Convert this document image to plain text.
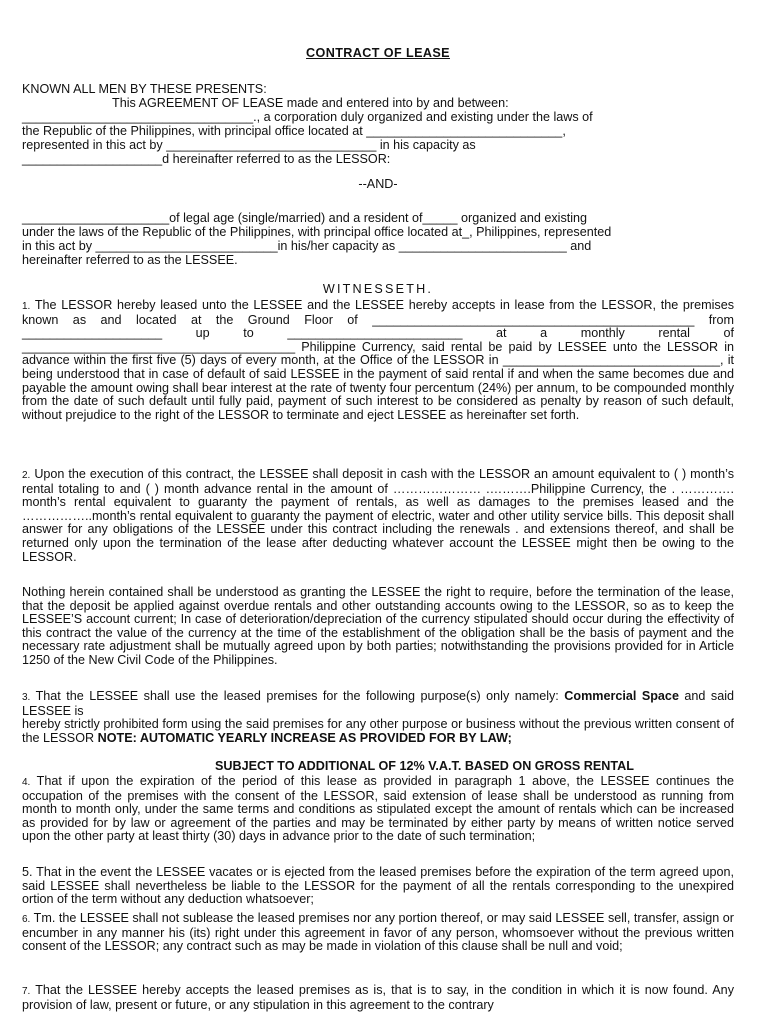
CONTRACT OF LEASE
KNOWN ALL MEN BY THESE PRESENTS:
This AGREEMENT OF LEASE made and entered into by and between:
_________________________________., a corporation duly organized and existing under the laws of
the Republic of the Philippines, with principal office located at ____________________________,
represented in this act by ______________________________ in his capacity as
____________________d hereinafter referred to as the LESSOR:
--AND-
_____________________of legal age (single/married) and a resident of_____ organized and existing
under the laws of the Republic of the Philippines, with principal office located at_, Philippines, represented
in this act by __________________________in his/her capacity as ________________________ and
hereinafter referred to as the LESSEE.
WITNESSETH.
1. The LESSOR hereby leased unto the LESSEE and the LESSEE hereby accepts in lease from the LESSOR, the premises known as and located at the Ground Floor of ______________________________________________ from ____________________ up to _________________________ at a monthly rental of _______________________________________ Philippine Currency, said rental be paid by LESSEE unto the LESSOR in advance within the first five (5) days of every month, at the Office of the LESSOR in _______________________________, it being understood that in case of default of said LESSEE in the payment of said rental if and when the same becomes due and payable the amount owing shall bear interest at the rate of twenty four percentum (24%) per annum, to be compounded monthly from the date of such default until fully paid, payment of such interest to be considered as penalty by reason of such default, without prejudice to the right of the LESSOR to terminate and eject LESSEE as hereinafter set forth.
2. Upon the execution of this contract, the LESSEE shall deposit in cash with the LESSOR an amount equivalent to ( ) month’s rental totaling to and ( ) month advance rental in the amount of ………………… .……….Philippine Currency, the . …………. month’s rental equivalent to guaranty the payment of rentals, as well as damages to the premises leased and the ……………..month’s rental equivalent to guaranty the payment of electric, water and other utility service bills. This deposit shall answer for any obligations of the LESSEE under this contract including the renewals . and extensions thereof, and shall be returned only upon the termination of the lease after deducting whatever account the LESSEE might then be owing to the LESSOR.
Nothing herein contained shall be understood as granting the LESSEE the right to require, before the termination of the lease, that the deposit be applied against overdue rentals and other outstanding accounts owing to the LESSOR, so as to keep the LESSEE’S account current; In case of deterioration/depreciation of the currency stipulated should occur during the effectivity of this contract the value of the currency at the time of the establishment of the obligation shall be the basis of payment and the necessary rate adjustment shall be mutually agreed upon by both parties; notwithstanding the provisions provided for in Article 1250 of the New Civil Code of the Philippines.
3. That the LESSEE shall use the leased premises for the following purpose(s) only namely: Commercial Space and said LESSEE is
hereby strictly prohibited form using the said premises for any other purpose or business without the previous written consent of the LESSOR NOTE: AUTOMATIC YEARLY INCREASE AS PROVIDED FOR BY LAW;
SUBJECT TO ADDITIONAL OF 12% V.A.T. BASED ON GROSS RENTAL
4. That if upon the expiration of the period of this lease as provided in paragraph 1 above, the LESSEE continues the occupation of the premises with the consent of the LESSOR, said extension of lease shall be understood as running from month to month only, under the same terms and conditions as stipulated except the amount of rentals which can be increased as provided for by law or agreement of the parties and may be terminated by either party by means of written notice served upon the other party at least thirty (30) days in advance prior to the date of such termination;
5. That in the event the LESSEE vacates or is ejected from the leased premises before the expiration of the term agreed upon, said LESSEE shall nevertheless be liable to the LESSOR for the payment of all the rentals corresponding to the unexpired ortion of the term without any deduction whatsoever;
6. Tm. the LESSEE shall not sublease the leased premises nor any portion thereof, or may said LESSEE sell, transfer, assign or encumber in any manner his (its) right under this agreement in favor of any person, whomsoever without the previous written consent of the LESSOR; any contract such as may be made in violation of this clause shall be null and void;
7. That the LESSEE hereby accepts the leased premises as is, that is to say, in the condition in which it is now found. Any provision of law, present or future, or any stipulation in this agreement to the contrary
